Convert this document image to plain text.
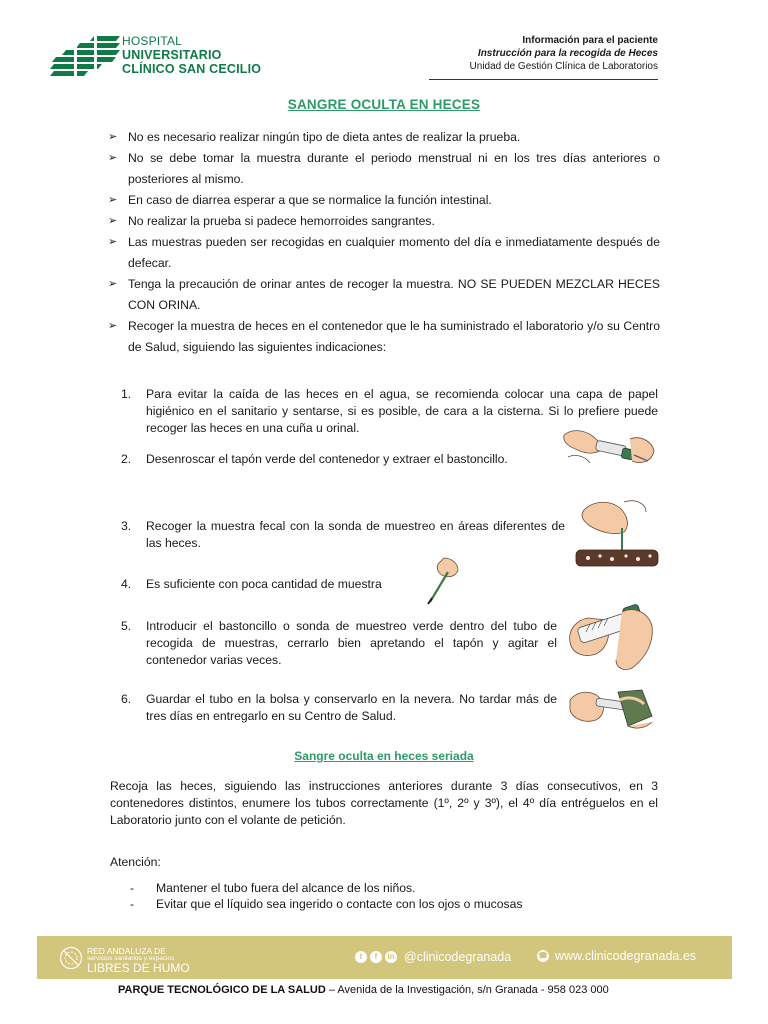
HOSPITAL
UNIVERSITARIO
CLÍNICO SAN CECILIO
Información para el paciente
Instrucción para la recogida de Heces
Unidad de Gestión Clínica de Laboratorios
SANGRE OCULTA EN HECES
➢ No es necesario realizar ningún tipo de dieta antes de realizar la prueba.
➢ No se debe tomar la muestra durante el periodo menstrual ni en los tres días anteriores o posteriores al mismo.
➢ En caso de diarrea esperar a que se normalice la función intestinal.
➢ No realizar la prueba si padece hemorroides sangrantes.
➢ Las muestras pueden ser recogidas en cualquier momento del día e inmediatamente después de defecar.
➢ Tenga la precaución de orinar antes de recoger la muestra. NO SE PUEDEN MEZCLAR HECES CON ORINA.
➢ Recoger la muestra de heces en el contenedor que le ha suministrado el laboratorio y/o su Centro de Salud, siguiendo las siguientes indicaciones:
1. Para evitar la caída de las heces en el agua, se recomienda colocar una capa de papel higiénico en el sanitario y sentarse, si es posible, de cara a la cisterna. Si lo prefiere puede recoger las heces en una cuña u orinal.
2. Desenroscar el tapón verde del contenedor y extraer el bastoncillo.
3. Recoger la muestra fecal con la sonda de muestreo en áreas diferentes de las heces.
4. Es suficiente con poca cantidad de muestra
5. Introducir el bastoncillo o sonda de muestreo verde dentro del tubo de recogida de muestras, cerrarlo bien apretando el tapón y agitar el contenedor varias veces.
6. Guardar el tubo en la bolsa y conservarlo en la nevera. No tardar más de tres días en entregarlo en su Centro de Salud.
Sangre oculta en heces seriada
Recoja las heces, siguiendo las instrucciones anteriores durante 3 días consecutivos, en 3 contenedores distintos, enumere los tubos correctamente (1º, 2º y 3º), el 4º día entréguelos en el Laboratorio junto con el volante de petición.
Atención:
- Mantener el tubo fuera del alcance de los niños.
- Evitar que el líquido sea ingerido o contacte con los ojos o mucosas
RED ANDALUZA DE
servicios sanitarios y espacios
LIBRES DE HUMO
t	f	in @clinicodegranada	☎ www.clinicodegranada.es
PARQUE TECNOLÓGICO DE LA SALUD – Avenida de la Investigación, s/n Granada - 958 023 000
